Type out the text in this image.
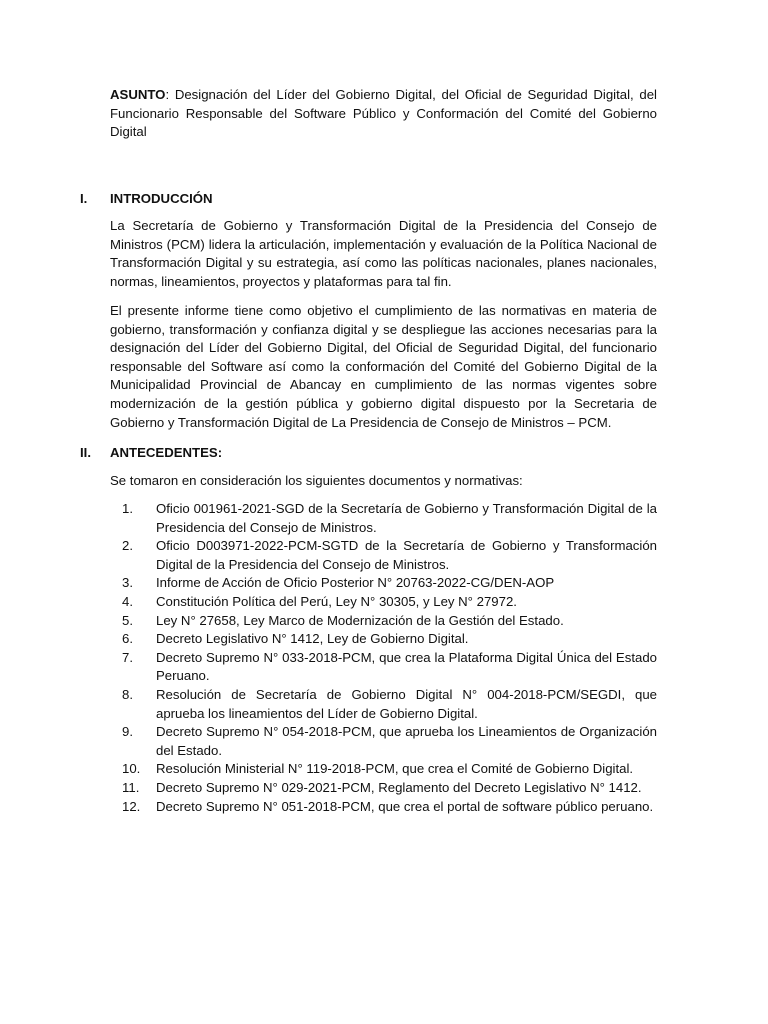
ASUNTO: Designación del Líder del Gobierno Digital, del Oficial de Seguridad Digital, del Funcionario Responsable del Software Público y Conformación del Comité del Gobierno Digital
I. INTRODUCCIÓN
La Secretaría de Gobierno y Transformación Digital de la Presidencia del Consejo de Ministros (PCM) lidera la articulación, implementación y evaluación de la Política Nacional de Transformación Digital y su estrategia, así como las políticas nacionales, planes nacionales, normas, lineamientos, proyectos y plataformas para tal fin.
El presente informe tiene como objetivo el cumplimiento de las normativas en materia de gobierno, transformación y confianza digital y se despliegue las acciones necesarias para la designación del Líder del Gobierno Digital, del Oficial de Seguridad Digital, del funcionario responsable del Software así como la conformación del Comité del Gobierno Digital de la Municipalidad Provincial de Abancay en cumplimiento de las normas vigentes sobre modernización de la gestión pública y gobierno digital dispuesto por la Secretaria de Gobierno y Transformación Digital de La Presidencia de Consejo de Ministros – PCM.
II. ANTECEDENTES:
Se tomaron en consideración los siguientes documentos y normativas:
1.	Oficio 001961-2021-SGD de la Secretaría de Gobierno y Transformación Digital de la Presidencia del Consejo de Ministros.
2.	Oficio D003971-2022-PCM-SGTD de la Secretaría de Gobierno y Transformación Digital de la Presidencia del Consejo de Ministros.
3.	Informe de Acción de Oficio Posterior N° 20763-2022-CG/DEN-AOP
4.	Constitución Política del Perú, Ley N° 30305, y Ley N° 27972.
5.	Ley N° 27658, Ley Marco de Modernización de la Gestión del Estado.
6.	Decreto Legislativo N° 1412, Ley de Gobierno Digital.
7.	Decreto Supremo N° 033-2018-PCM, que crea la Plataforma Digital Única del Estado Peruano.
8.	Resolución de Secretaría de Gobierno Digital N° 004-2018-PCM/SEGDI, que aprueba los lineamientos del Líder de Gobierno Digital.
9.	Decreto Supremo N° 054-2018-PCM, que aprueba los Lineamientos de Organización del Estado.
10.	Resolución Ministerial N° 119-2018-PCM, que crea el Comité de Gobierno Digital.
11.	Decreto Supremo N° 029-2021-PCM, Reglamento del Decreto Legislativo N° 1412.
12.	Decreto Supremo N° 051-2018-PCM, que crea el portal de software público peruano.
